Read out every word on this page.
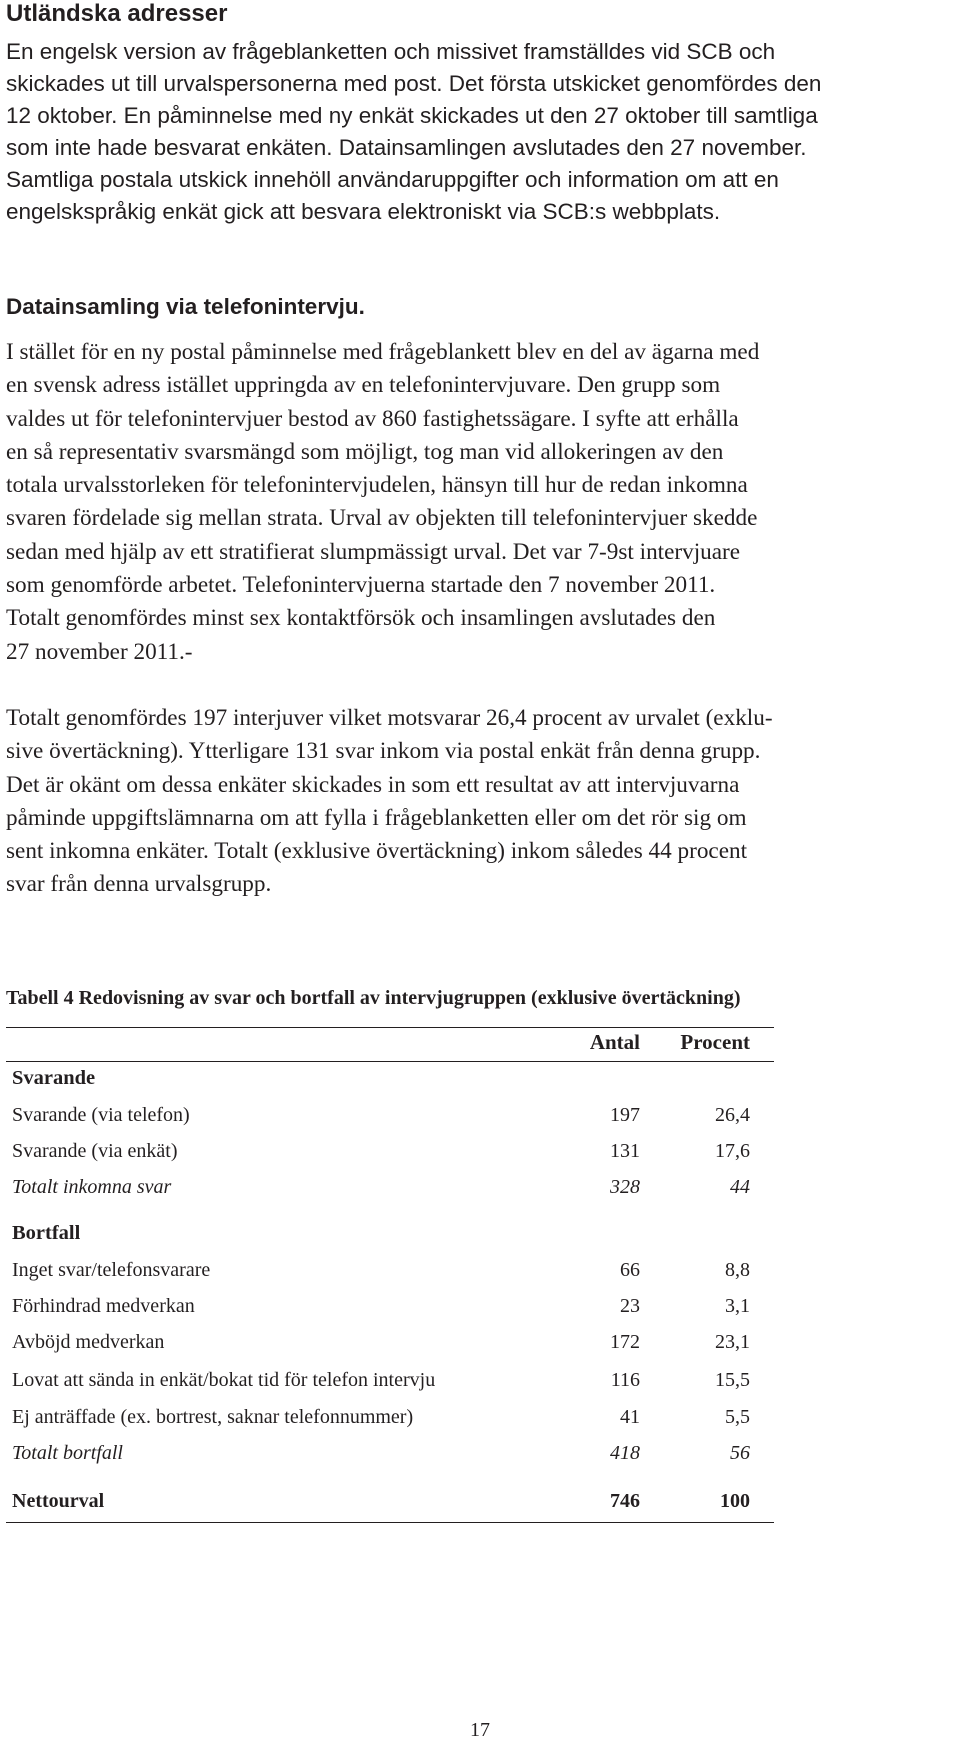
Utländska adresser
En engelsk version av frågeblanketten och missivet framställdes vid SCB och
skickades ut till urvalspersonerna med post. Det första utskicket genomfördes den
12 oktober. En påminnelse med ny enkät skickades ut den 27 oktober till samtliga
som inte hade besvarat enkäten. Datainsamlingen avslutades den 27 november.
Samtliga postala utskick innehöll användaruppgifter och information om att en
engelskspråkig enkät gick att besvara elektroniskt via SCB:s webbplats.
Datainsamling via telefonintervju.
I stället för en ny postal påminnelse med frågeblankett blev en del av ägarna med
en svensk adress istället uppringda av en telefonintervjuvare. Den grupp som
valdes ut för telefonintervjuer bestod av 860 fastighetssägare. I syfte att erhålla
en så representativ svarsmängd som möjligt, tog man vid allokeringen av den
totala urvalsstorleken för telefonintervjudelen, hänsyn till hur de redan inkomna
svaren fördelade sig mellan strata. Urval av objekten till telefonintervjuer skedde
sedan med hjälp av ett stratifierat slumpmässigt urval. Det var 7-9st intervjuare
som genomförde arbetet. Telefonintervjuerna startade den 7 november 2011.
Totalt genomfördes minst sex kontaktförsök och insamlingen avslutades den
27 november 2011.-
Totalt genomfördes 197 interjuver vilket motsvarar 26,4 procent av urvalet (exklu-
sive övertäckning). Ytterligare 131 svar inkom via postal enkät från denna grupp.
Det är okänt om dessa enkäter skickades in som ett resultat av att intervjuvarna
påminde uppgiftslämnarna om att fylla i frågeblanketten eller om det rör sig om
sent inkomna enkäter. Totalt (exklusive övertäckning) inkom således 44 procent
svar från denna urvalsgrupp.
Tabell 4 Redovisning av svar och bortfall av intervjugruppen (exklusive övertäckning)
Antal Procent
Svarande
Svarande (via telefon)	197	26,4
Svarande (via enkät)	131	17,6
Totalt inkomna svar	328	44
Bortfall
Inget svar/telefonsvarare	66	8,8
Förhindrad medverkan	23	3,1
Avböjd medverkan	172	23,1
Lovat att sända in enkät/bokat tid för telefon intervju	116	15,5
Ej anträffade (ex. bortrest, saknar telefonnummer)	41	5,5
Totalt bortfall	418	56
Nettourval	746	100
17
